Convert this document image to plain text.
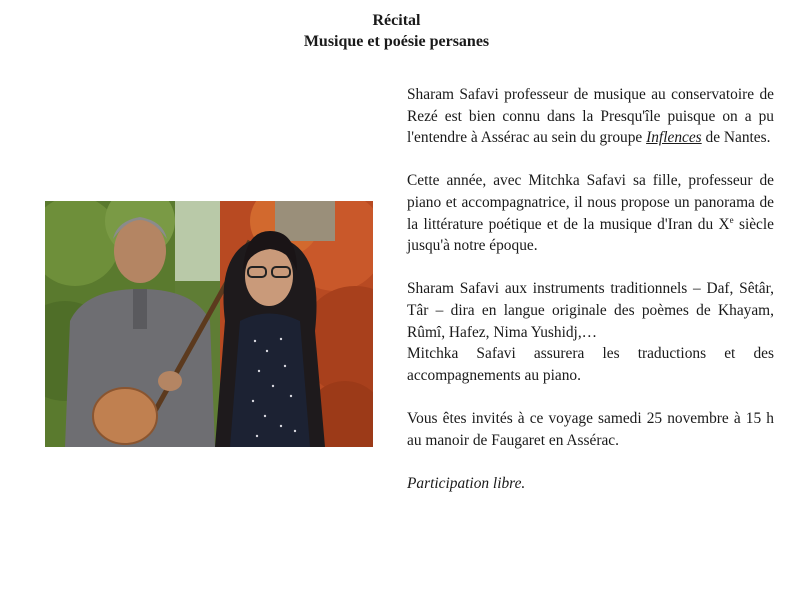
Récital
Musique et poésie persanes

Sharam Safavi professeur de musique au conservatoire de Rezé est bien connu dans la Presqu'île puisque on a pu l'entendre à Assérac au sein du groupe Inflences de Nantes.

Cette année, avec Mitchka Safavi sa fille, professeur de piano et accompagnatrice, il nous propose un panorama de la littérature poétique et de la musique d'Iran du Xe siècle jusqu'à notre époque.

Sharam Safavi aux instruments traditionnels – Daf, Sêtâr, Târ – dira en langue originale des poèmes de Khayam, Rûmî, Hafez, Nima Yushidj,…

Mitchka Safavi assurera les traductions et des accompagnements au piano.

Vous êtes invités à ce voyage samedi 25 novembre à 15 h au manoir de Faugaret en Assérac.

Participation libre.
